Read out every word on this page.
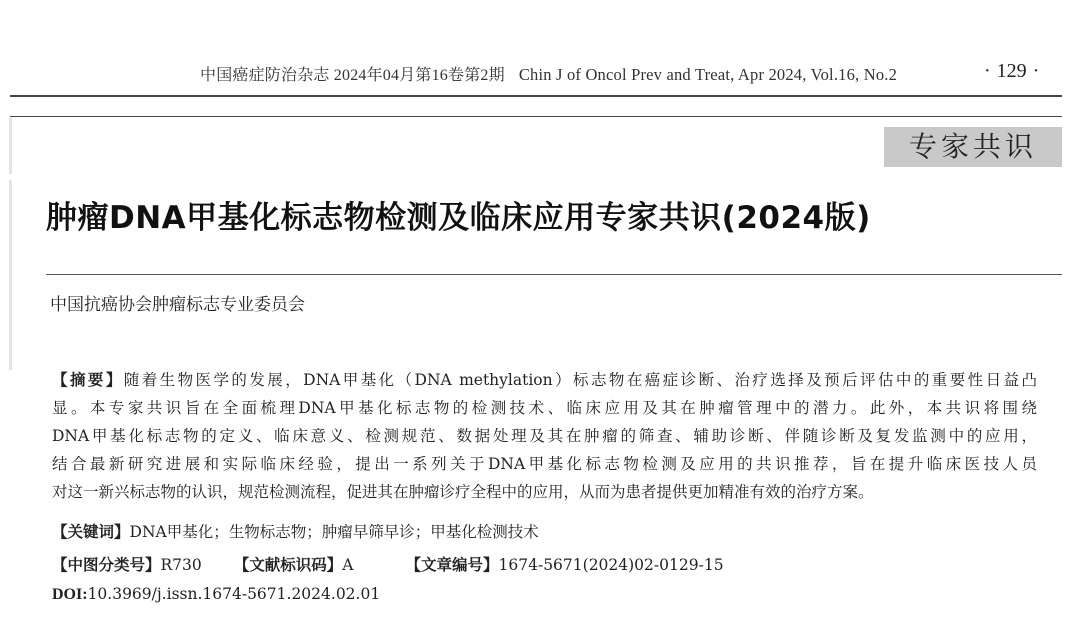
中国癌症防治杂志 2024年04月第16卷第2期 Chin J of Oncol Prev and Treat, Apr 2024, Vol.16, No.2	· 129 ·
专家共识
肿瘤DNA甲基化标志物检测及临床应用专家共识(2024版)
中国抗癌协会肿瘤标志专业委员会
【摘要】随着生物医学的发展，DNA甲基化（DNA methylation）标志物在癌症诊断、治疗选择及预后评估中的重要性日益凸
显。本专家共识旨在全面梳理DNA甲基化标志物的检测技术、临床应用及其在肿瘤管理中的潜力。此外，本共识将围绕
DNA甲基化标志物的定义、临床意义、检测规范、数据处理及其在肿瘤的筛查、辅助诊断、伴随诊断及复发监测中的应用，
结合最新研究进展和实际临床经验，提出一系列关于DNA甲基化标志物检测及应用的共识推荐，旨在提升临床医技人员
对这一新兴标志物的认识，规范检测流程，促进其在肿瘤诊疗全程中的应用，从而为患者提供更加精准有效的治疗方案。
【关键词】DNA甲基化；生物标志物；肿瘤早筛早诊；甲基化检测技术
【中图分类号】R730 【文献标识码】A	【文章编号】1674-5671(2024)02-0129-15
DOI:10.3969/j.issn.1674-5671.2024.02.01
